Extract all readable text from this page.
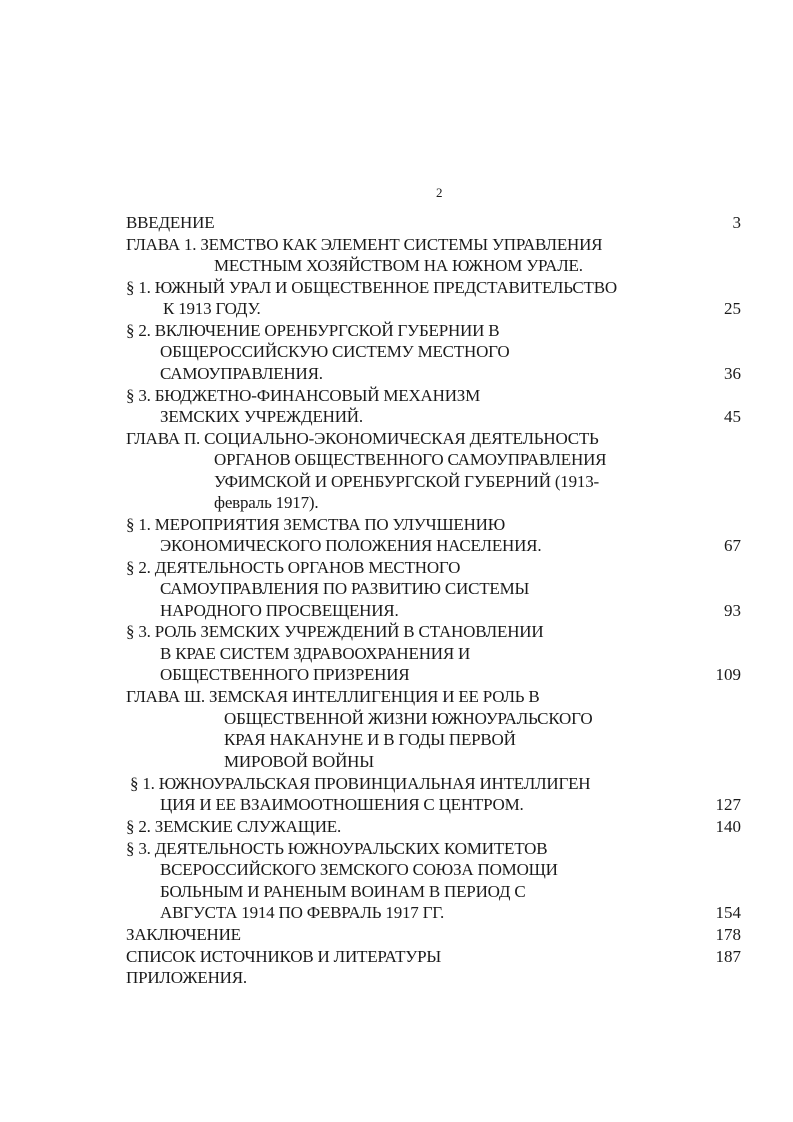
2
ВВЕДЕНИЕ	3
ГЛАВА 1. ЗЕМСТВО КАК ЭЛЕМЕНТ СИСТЕМЫ УПРАВЛЕНИЯ
МЕСТНЫМ ХОЗЯЙСТВОМ НА ЮЖНОМ УРАЛЕ.
§ 1. ЮЖНЫЙ УРАЛ И ОБЩЕСТВЕННОЕ ПРЕДСТАВИТЕЛЬСТВО
К 1913 ГОДУ.	25
§ 2. ВКЛЮЧЕНИЕ ОРЕНБУРГСКОЙ ГУБЕРНИИ В
ОБЩЕРОССИЙСКУЮ СИСТЕМУ МЕСТНОГО
САМОУПРАВЛЕНИЯ.	36
§ 3. БЮДЖЕТНО-ФИНАНСОВЫЙ МЕХАНИЗМ
ЗЕМСКИХ УЧРЕЖДЕНИЙ.	45
ГЛАВА П. СОЦИАЛЬНО-ЭКОНОМИЧЕСКАЯ ДЕЯТЕЛЬНОСТЬ
ОРГАНОВ ОБЩЕСТВЕННОГО САМОУПРАВЛЕНИЯ
УФИМСКОЙ И ОРЕНБУРГСКОЙ ГУБЕРНИЙ (1913-
февраль 1917).
§ 1. МЕРОПРИЯТИЯ ЗЕМСТВА ПО УЛУЧШЕНИЮ
ЭКОНОМИЧЕСКОГО ПОЛОЖЕНИЯ НАСЕЛЕНИЯ.	67
§ 2. ДЕЯТЕЛЬНОСТЬ ОРГАНОВ МЕСТНОГО
САМОУПРАВЛЕНИЯ ПО РАЗВИТИЮ СИСТЕМЫ
НАРОДНОГО ПРОСВЕЩЕНИЯ.	93
§ 3. РОЛЬ ЗЕМСКИХ УЧРЕЖДЕНИЙ В СТАНОВЛЕНИИ
В КРАЕ СИСТЕМ ЗДРАВООХРАНЕНИЯ И
ОБЩЕСТВЕННОГО ПРИЗРЕНИЯ	109
ГЛАВА Ш. ЗЕМСКАЯ ИНТЕЛЛИГЕНЦИЯ И ЕЕ РОЛЬ В
ОБЩЕСТВЕННОЙ ЖИЗНИ ЮЖНОУРАЛЬСКОГО
КРАЯ НАКАНУНЕ И В ГОДЫ ПЕРВОЙ
МИРОВОЙ ВОЙНЫ
§ 1. ЮЖНОУРАЛЬСКАЯ ПРОВИНЦИАЛЬНАЯ ИНТЕЛЛИГЕН
ЦИЯ И ЕЕ ВЗАИМООТНОШЕНИЯ С ЦЕНТРОМ.	127
§ 2. ЗЕМСКИЕ СЛУЖАЩИЕ.	140
§ 3. ДЕЯТЕЛЬНОСТЬ ЮЖНОУРАЛЬСКИХ КОМИТЕТОВ
ВСЕРОССИЙСКОГО ЗЕМСКОГО СОЮЗА ПОМОЩИ
БОЛЬНЫМ И РАНЕНЫМ ВОИНАМ В ПЕРИОД С
АВГУСТА 1914 ПО ФЕВРАЛЬ 1917 ГГ.	154
ЗАКЛЮЧЕНИЕ	178
СПИСОК ИСТОЧНИКОВ И ЛИТЕРАТУРЫ	187
ПРИЛОЖЕНИЯ.
